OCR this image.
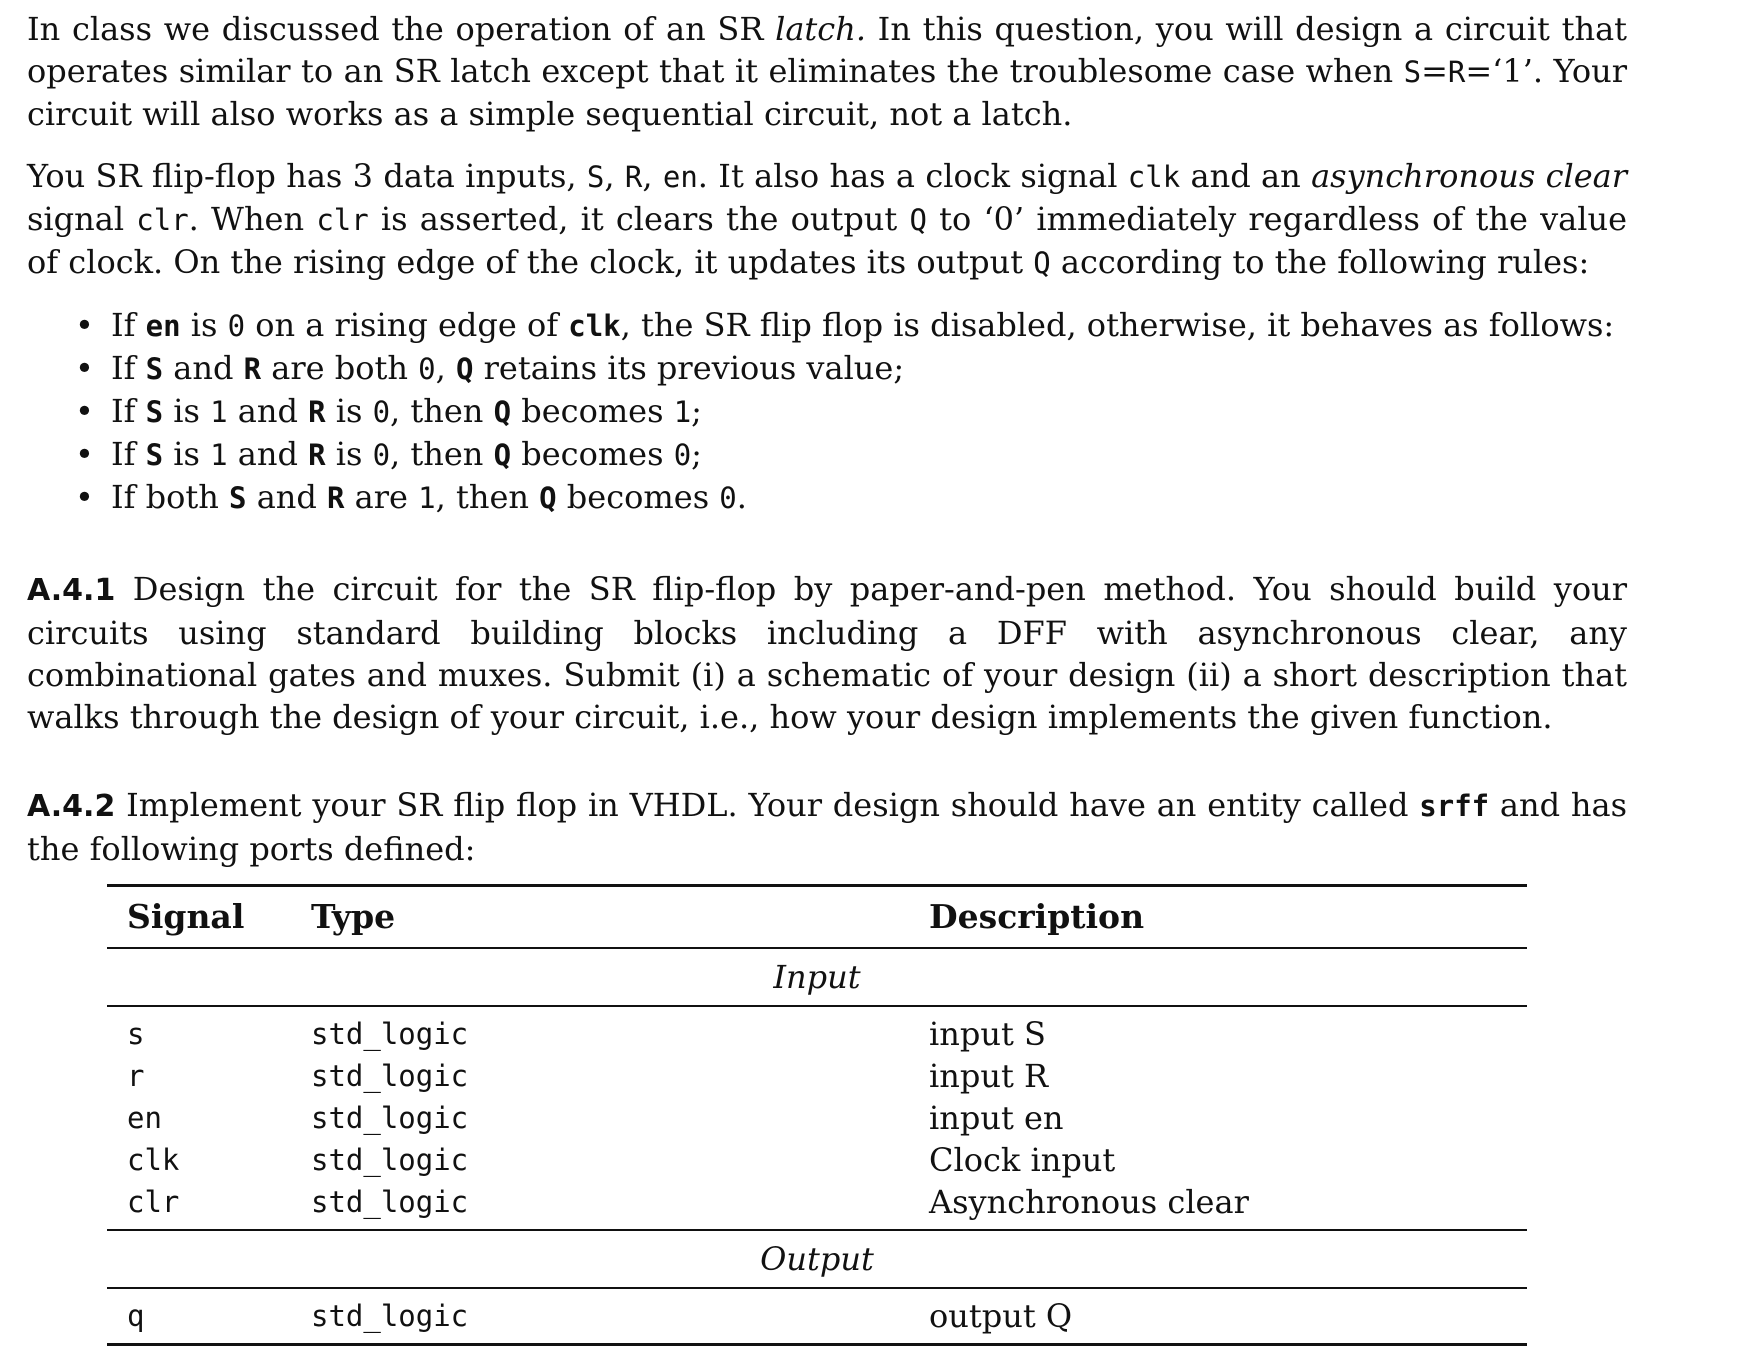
In class we discussed the operation of an SR latch. In this question, you will design a circuit that operates similar to an SR latch except that it eliminates the troublesome case when S=R=‘1’. Your circuit will also works as a simple sequential circuit, not a latch.

You SR flip-flop has 3 data inputs, S, R, en. It also has a clock signal clk and an asynchronous clear signal clr. When clr is asserted, it clears the output Q to ‘0’ immediately regardless of the value of clock. On the rising edge of the clock, it updates its output Q according to the following rules:

• If en is 0 on a rising edge of clk, the SR flip flop is disabled, otherwise, it behaves as follows:
• If S and R are both 0, Q retains its previous value;
• If S is 1 and R is 0, then Q becomes 1;
• If S is 1 and R is 0, then Q becomes 0;
• If both S and R are 1, then Q becomes 0.

A.4.1 Design the circuit for the SR flip-flop by paper-and-pen method. You should build your circuits using standard building blocks including a DFF with asynchronous clear, any combinational gates and muxes. Submit (i) a schematic of your design (ii) a short description that walks through the design of your circuit, i.e., how your design implements the given function.

A.4.2 Implement your SR flip flop in VHDL. Your design should have an entity called srff and has the following ports defined:

Signal Type	Description
Input
s	std_logic	input S
r	std_logic	input R
en	std_logic	input en
clk	std_logic	Clock input
clr	std_logic	Asynchronous clear
Output
q	std_logic	output Q
